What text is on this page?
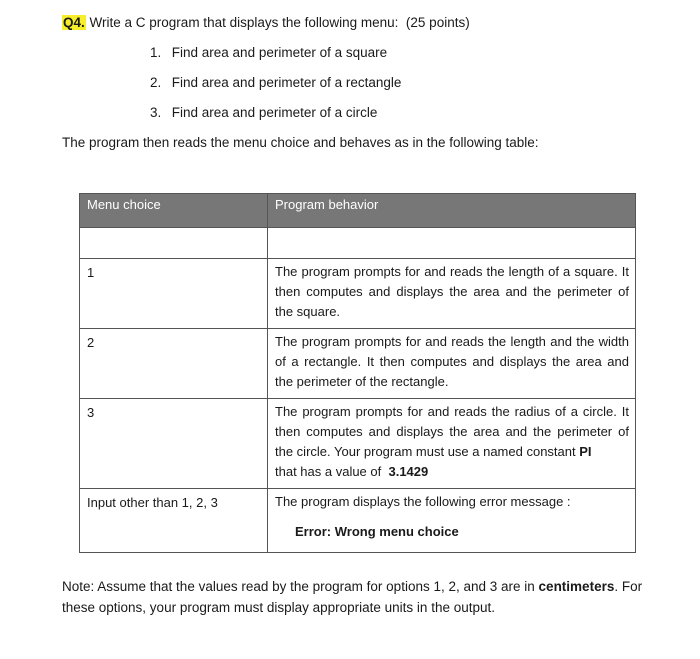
Q4. Write a C program that displays the following menu:  (25 points)
1. Find area and perimeter of a square
2. Find area and perimeter of a rectangle
3. Find area and perimeter of a circle
The program then reads the menu choice and behaves as in the following table:
Menu choice	Program behavior

1	The program prompts for and reads the length of a square. It then computes and displays the area and the perimeter of the square.
2	The program prompts for and reads the length and the width of a rectangle. It then computes and displays the area and the perimeter of the rectangle.
3	The program prompts for and reads the radius of a circle. It then computes and displays the area and the perimeter of the circle. Your program must use a named constant PI
that has a value of 3.1429
Input other than 1, 2, 3	The program displays the following error message :
Error: Wrong menu choice
Note: Assume that the values read by the program for options 1, 2, and 3 are in centimeters. For these options, your program must display appropriate units in the output.
